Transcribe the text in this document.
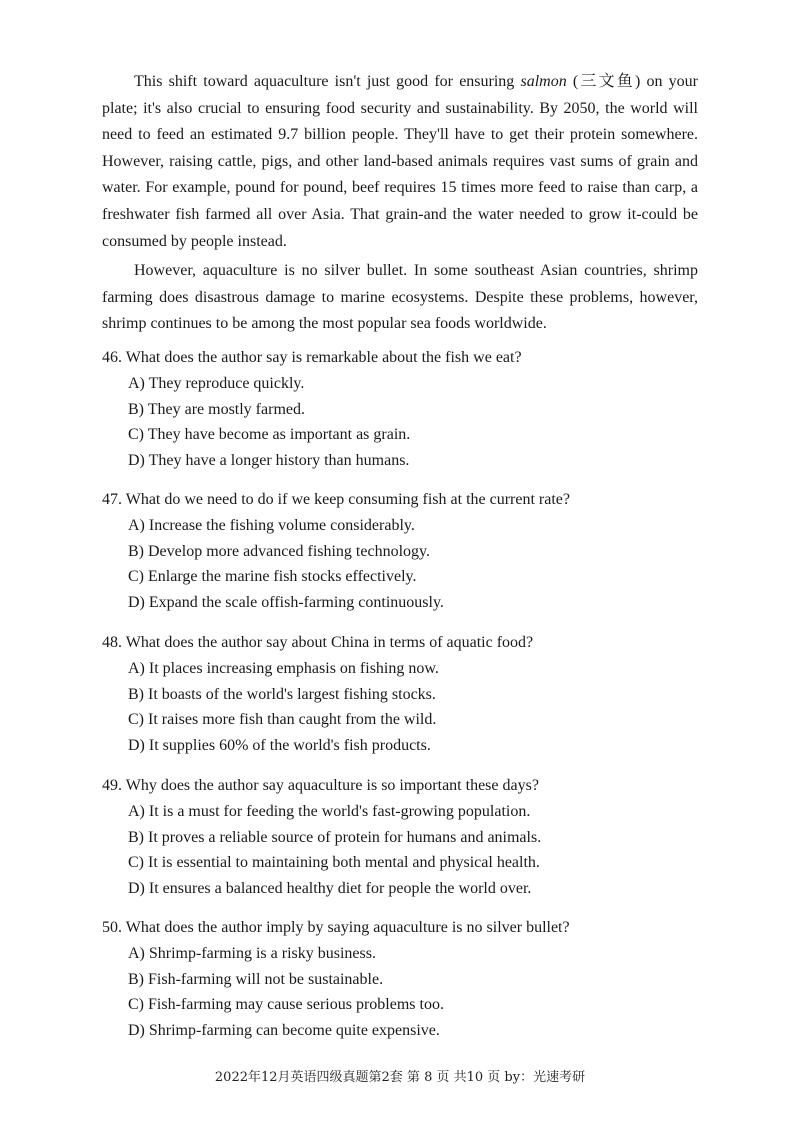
This shift toward aquaculture isn't just good for ensuring salmon (三文鱼) on your plate; it's also crucial to ensuring food security and sustainability. By 2050, the world will need to feed an estimated 9.7 billion people. They'll have to get their protein somewhere. However, raising cattle, pigs, and other land-based animals requires vast sums of grain and water. For example, pound for pound, beef requires 15 times more feed to raise than carp, a freshwater fish farmed all over Asia. That grain-and the water needed to grow it-could be consumed by people instead.

However, aquaculture is no silver bullet. In some southeast Asian countries, shrimp farming does disastrous damage to marine ecosystems. Despite these problems, however, shrimp continues to be among the most popular sea foods worldwide.

46. What does the author say is remarkable about the fish we eat?
A) They reproduce quickly.
B) They are mostly farmed.
C) They have become as important as grain.
D) They have a longer history than humans.
47. What do we need to do if we keep consuming fish at the current rate?
A) Increase the fishing volume considerably.
B) Develop more advanced fishing technology.
C) Enlarge the marine fish stocks effectively.
D) Expand the scale offish-farming continuously.
48. What does the author say about China in terms of aquatic food?
A) It places increasing emphasis on fishing now.
B) It boasts of the world's largest fishing stocks.
C) It raises more fish than caught from the wild.
D) It supplies 60% of the world's fish products.
49. Why does the author say aquaculture is so important these days?
A) It is a must for feeding the world's fast-growing population.
B) It proves a reliable source of protein for humans and animals.
C) It is essential to maintaining both mental and physical health.
D) It ensures a balanced healthy diet for people the world over.
50. What does the author imply by saying aquaculture is no silver bullet?
A) Shrimp-farming is a risky business.
B) Fish-farming will not be sustainable.
C) Fish-farming may cause serious problems too.
D) Shrimp-farming can become quite expensive.
2022年12月英语四级真题第2套 第 8 页 共10 页 by：光速考研
